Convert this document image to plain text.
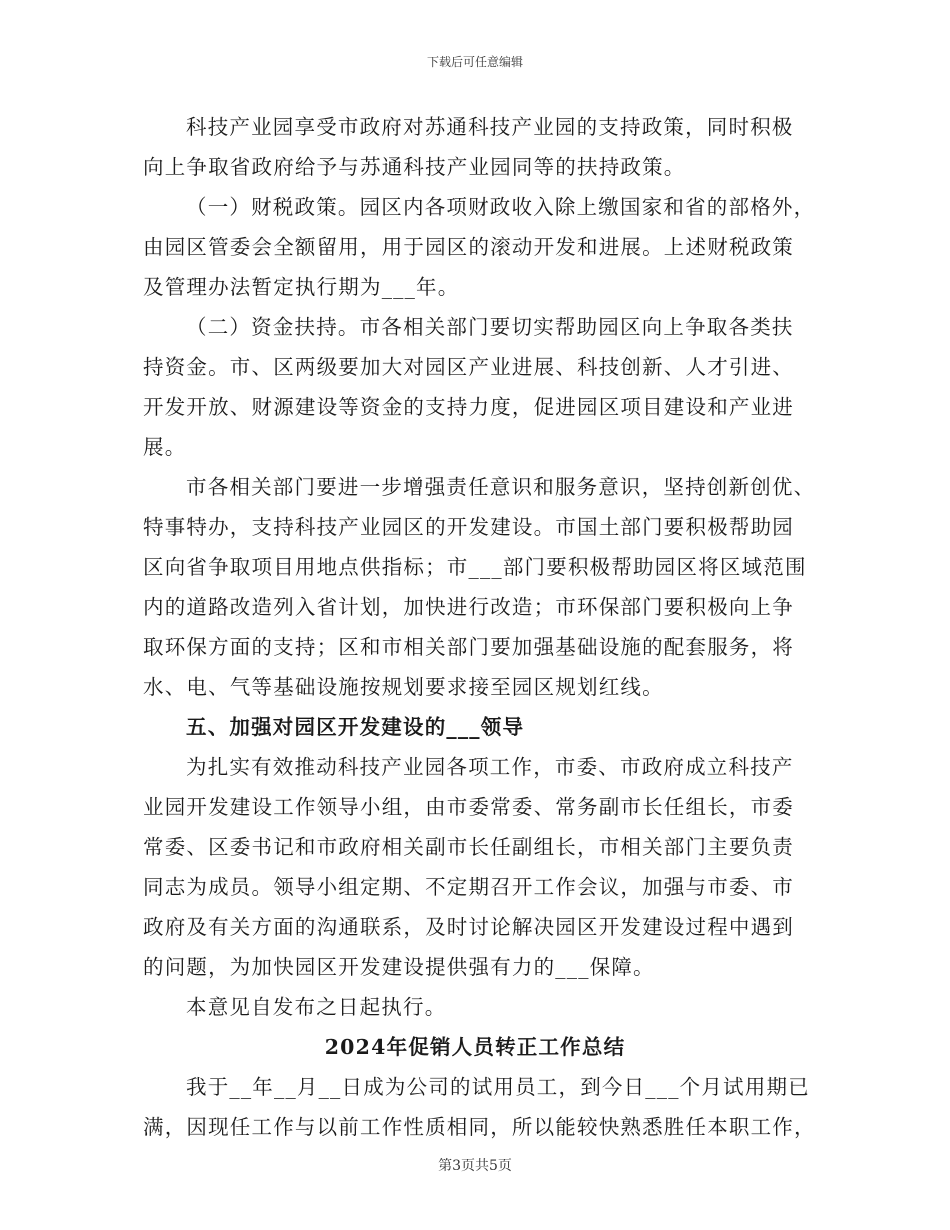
下载后可任意编辑

科技产业园享受市政府对苏通科技产业园的支持政策，同时积极

向上争取省政府给予与苏通科技产业园同等的扶持政策。

（一）财税政策。园区内各项财政收入除上缴国家和省的部格外，

由园区管委会全额留用，用于园区的滚动开发和进展。上述财税政策

及管理办法暂定执行期为___年。

（二）资金扶持。市各相关部门要切实帮助园区向上争取各类扶

持资金。市、区两级要加大对园区产业进展、科技创新、人才引进、

开发开放、财源建设等资金的支持力度，促进园区项目建设和产业进

展。

市各相关部门要进一步增强责任意识和服务意识，坚持创新创优、

特事特办，支持科技产业园区的开发建设。市国土部门要积极帮助园

区向省争取项目用地点供指标；市___部门要积极帮助园区将区域范围

内的道路改造列入省计划，加快进行改造；市环保部门要积极向上争

取环保方面的支持；区和市相关部门要加强基础设施的配套服务，将

水、电、气等基础设施按规划要求接至园区规划红线。

五、加强对园区开发建设的___领导

为扎实有效推动科技产业园各项工作，市委、市政府成立科技产

业园开发建设工作领导小组，由市委常委、常务副市长任组长，市委

常委、区委书记和市政府相关副市长任副组长，市相关部门主要负责

同志为成员。领导小组定期、不定期召开工作会议，加强与市委、市

政府及有关方面的沟通联系，及时讨论解决园区开发建设过程中遇到

的问题，为加快园区开发建设提供强有力的___保障。

本意见自发布之日起执行。

2024年促销人员转正工作总结

我于__年__月__日成为公司的试用员工，到今日___个月试用期已

满，因现任工作与以前工作性质相同，所以能较快熟悉胜任本职工作，

第3页共5页
